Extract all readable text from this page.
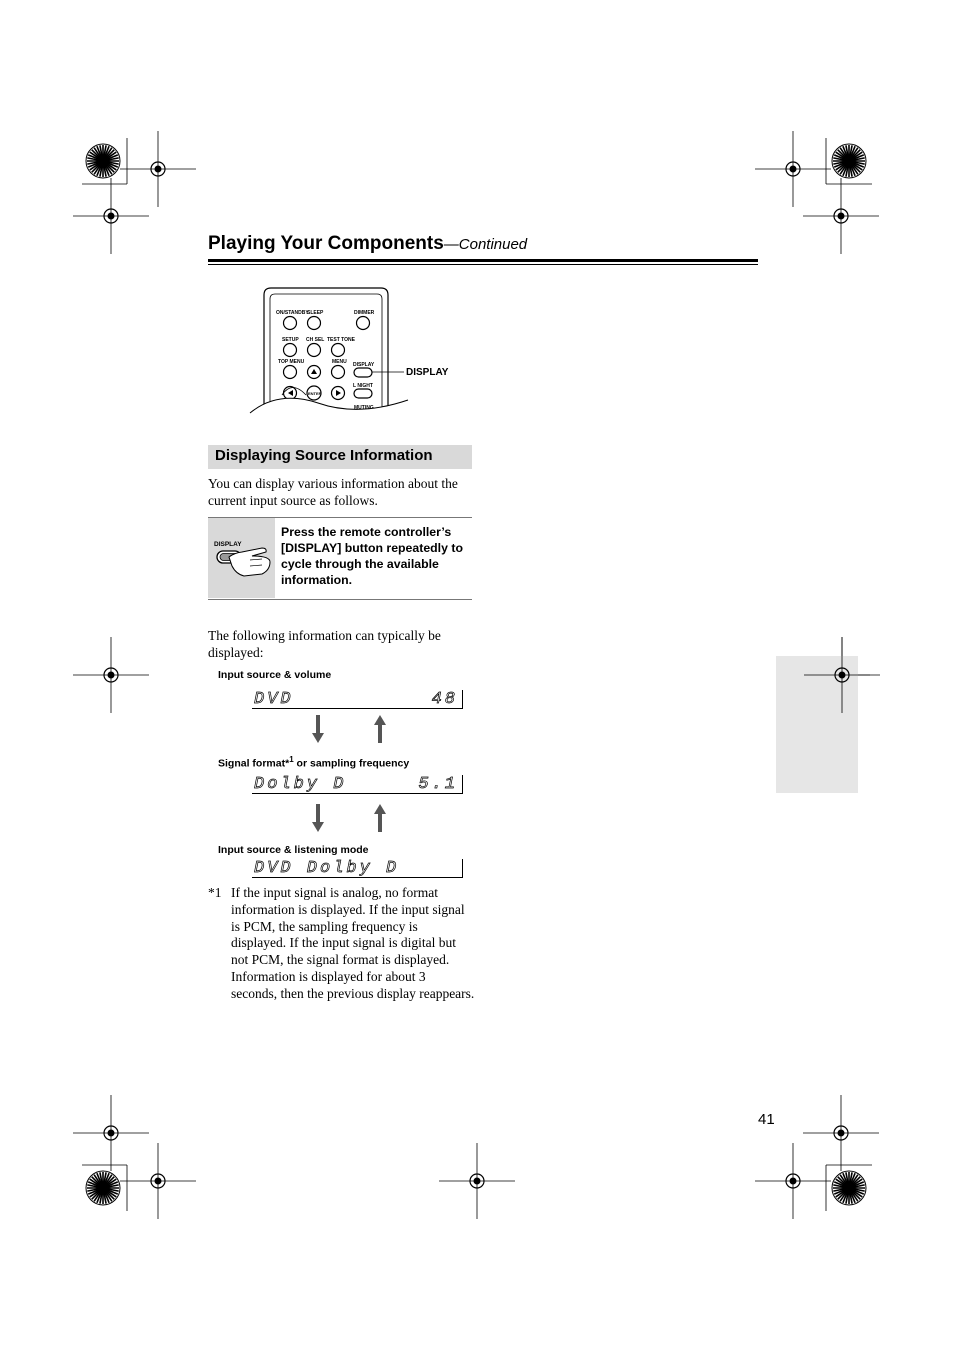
Playing Your Components—Continued
ON/STANDBY
SLEEP	DIMMER
SETUP CH SEL TEST TONE
TOP MENU	MENU DISPLAY
L NIGHT
ENTER
MUTING
DISPLAY
Displaying Source Information
You can display various information about the current input source as follows.
DISPLAY
Press the remote controller’s [DISPLAY] button repeatedly to cycle through the available information.
The following information can typically be displayed:
Input source & volume
DVD	48
Signal format*$^1$ or sampling frequency
Dolby D	5.1
Input source & listening mode
DVD Dolby D
*1 If the input signal is analog, no format information is displayed. If the input signal is PCM, the sampling frequency is displayed. If the input signal is digital but not PCM, the signal format is displayed. Information is displayed for about 3 seconds, then the previous display reappears.
41
